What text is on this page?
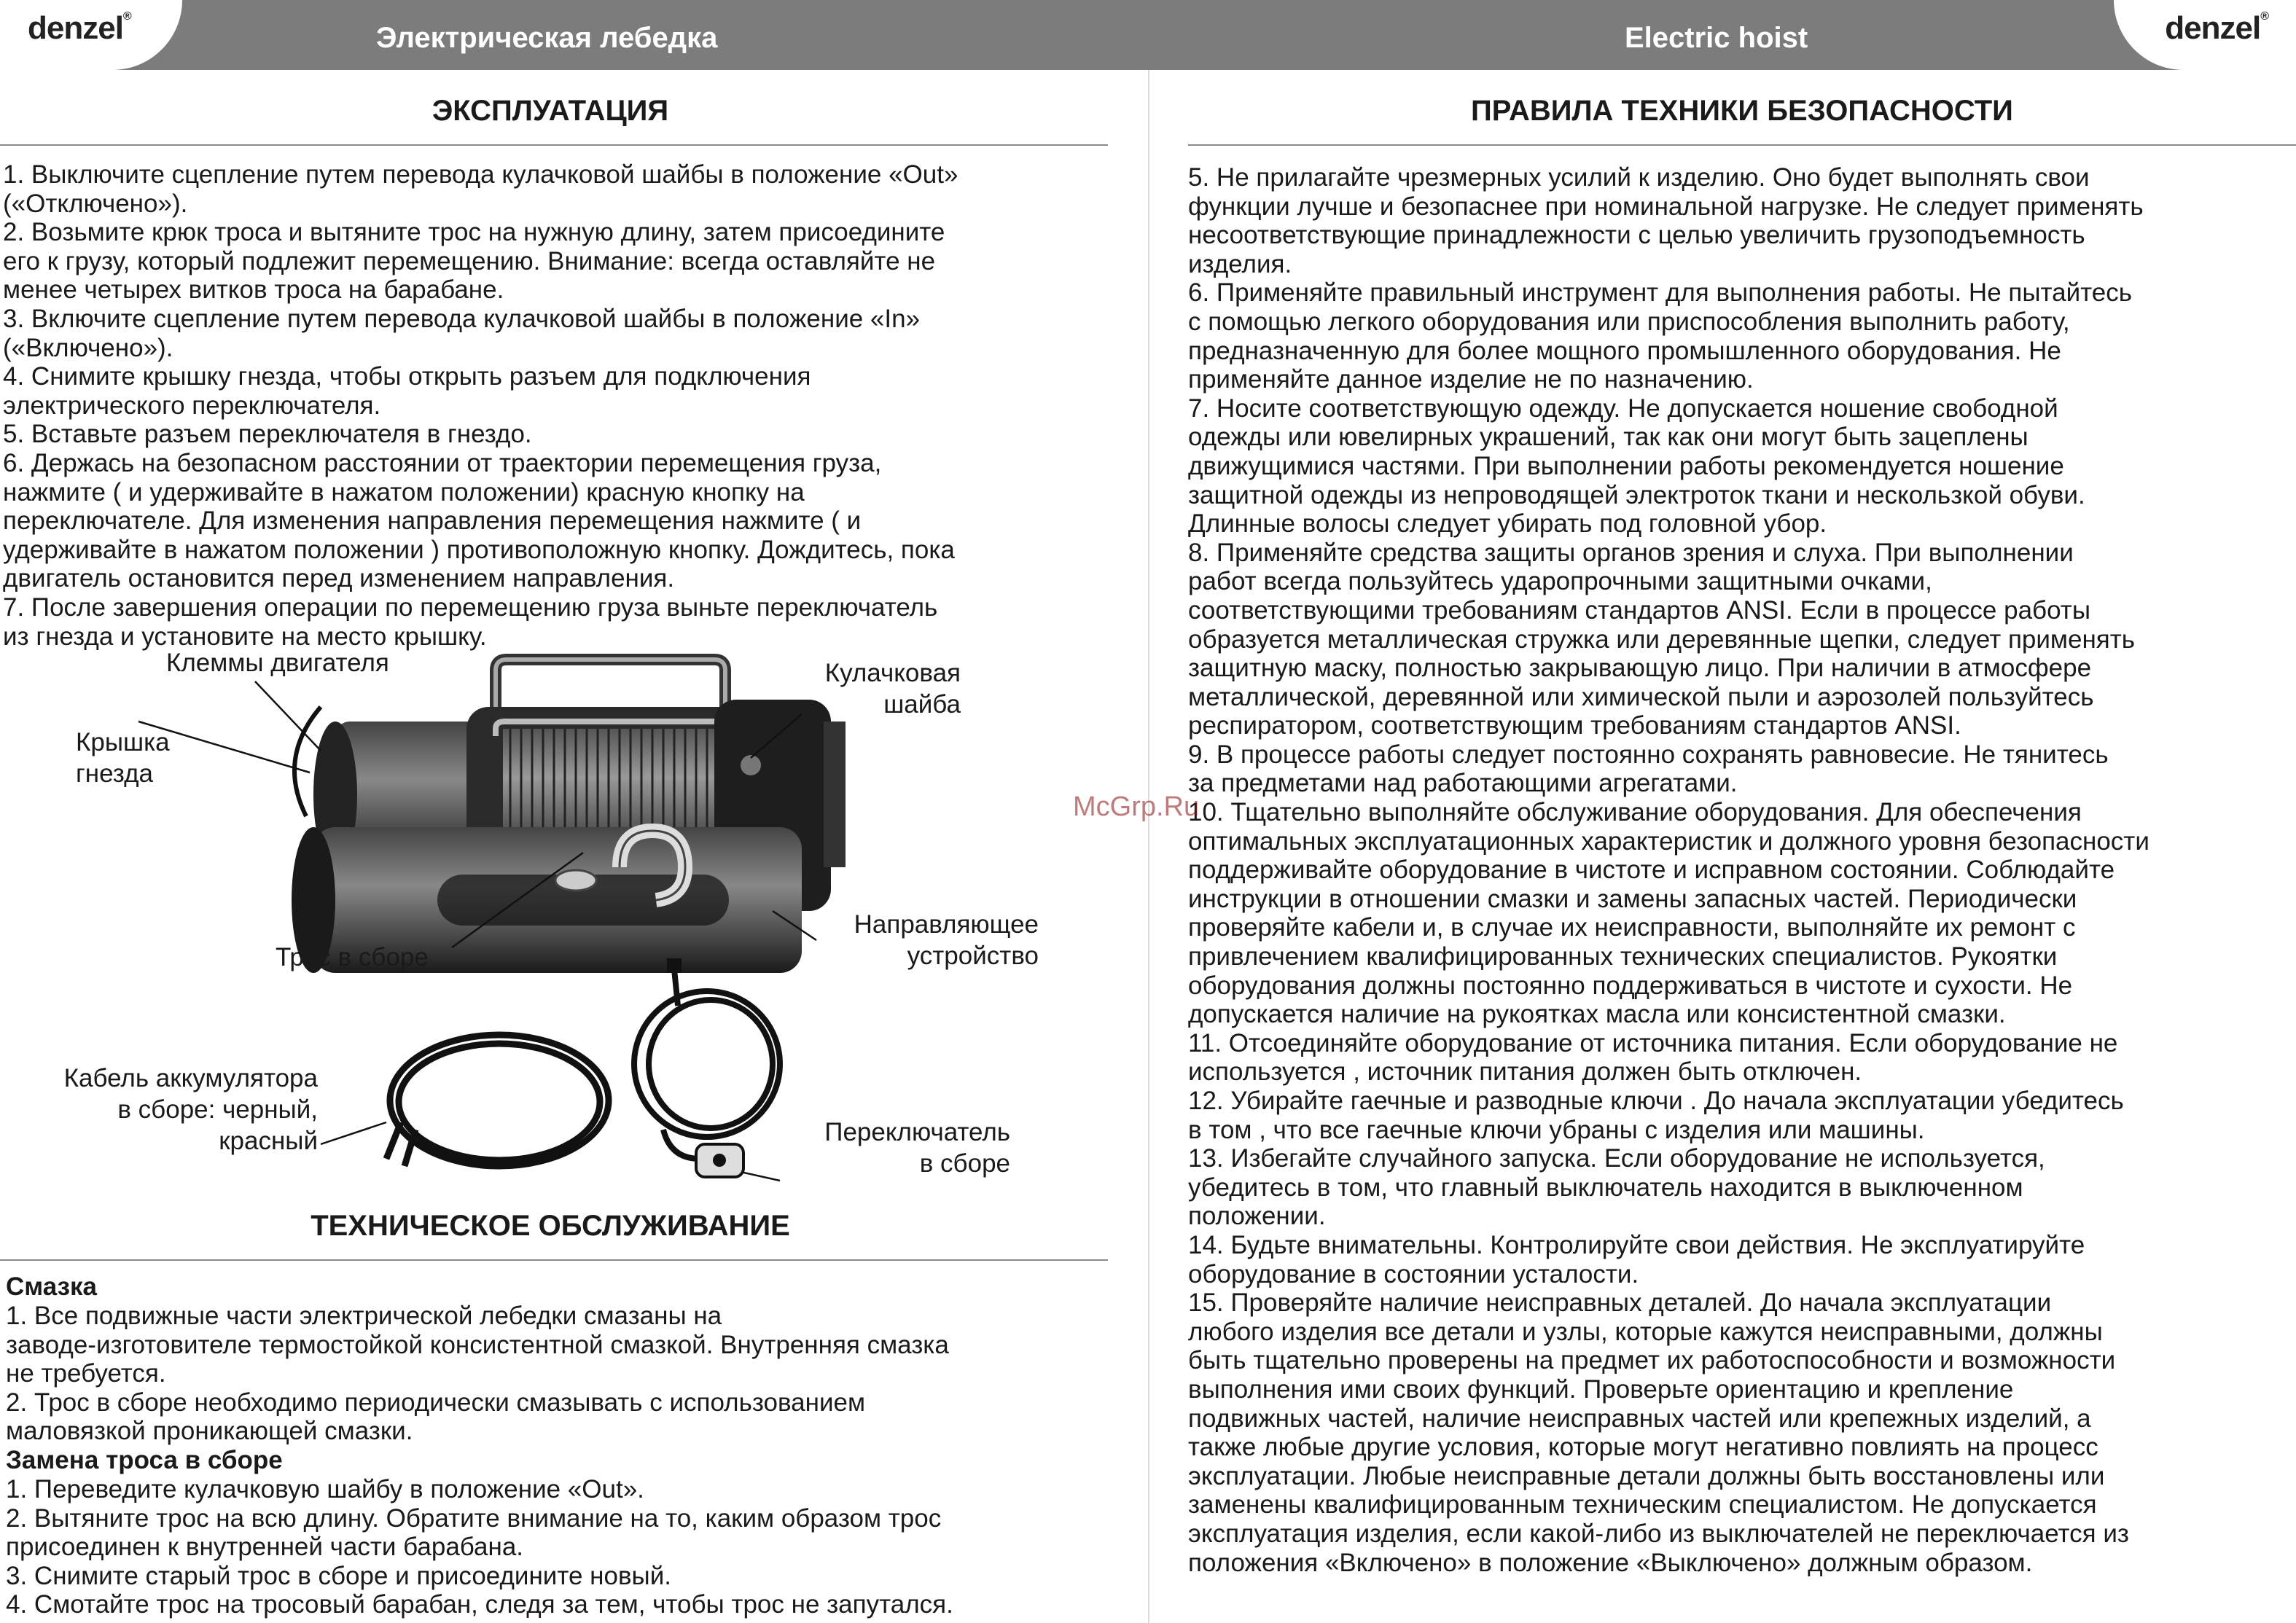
denzel®	denzel®
Электрическая лебедка	Electric hoist
ЭКСПЛУАТАЦИЯ

1. Выключите сцепление путем перевода кулачковой шайбы в положение «Out»
(«Отключено»).
2. Возьмите крюк троса и вытяните трос на нужную длину, затем присоедините
его к грузу, который подлежит перемещению. Внимание: всегда оставляйте не
менее четырех витков троса на барабане.
3. Включите сцепление путем перевода кулачковой шайбы в положение «In»
(«Включено»).
4. Снимите крышку гнезда, чтобы открыть разъем для подключения
электрического переключателя.
5. Вставьте разъем переключателя в гнездо.
6. Держась на безопасном расстоянии от траектории перемещения груза,
нажмите ( и удерживайте в нажатом положении) красную кнопку на
переключателе. Для изменения направления перемещения нажмите ( и
удерживайте в нажатом положении ) противоположную кнопку. Дождитесь, пока
двигатель остановится перед изменением направления.
7. После завершения операции по перемещению груза выньте переключатель
из гнезда и установите на место крышку.

Клеммы двигателя
Крышка
гнезда
Кулачковая
шайба
Трос в сборе
Направляющее
устройство
Кабель аккумулятора
в сборе: черный,
красный	Переключатель
в сборе
ТЕХНИЧЕСКОЕ ОБСЛУЖИВАНИЕ

Смазка

1. Все подвижные части электрической лебедки смазаны на
заводе-изготовителе термостойкой консистентной смазкой. Внутренняя смазка
не требуется.
2. Трос в сборе необходимо периодически смазывать с использованием
маловязкой проникающей смазки.

Замена троса в сборе

1. Переведите кулачковую шайбу в положение «Out».
2. Вытяните трос на всю длину. Обратите внимание на то, каким образом трос
присоединен к внутренней части барабана.
3. Снимите старый трос в сборе и присоедините новый.
4. Смотайте трос на тросовый барабан, следя за тем, чтобы трос не запутался.

ПРАВИЛА ТЕХНИКИ БЕЗОПАСНОСТИ

5. Не прилагайте чрезмерных усилий к изделию. Оно будет выполнять свои
функции лучше и безопаснее при номинальной нагрузке. Не следует применять
несоответствующие принадлежности с целью увеличить грузоподъемность
изделия.
6. Применяйте правильный инструмент для выполнения работы. Не пытайтесь
с помощью легкого оборудования или приспособления выполнить работу,
предназначенную для более мощного промышленного оборудования. Не
применяйте данное изделие не по назначению.
7. Носите соответствующую одежду. Не допускается ношение свободной
одежды или ювелирных украшений, так как они могут быть зацеплены
движущимися частями. При выполнении работы рекомендуется ношение
защитной одежды из непроводящей электроток ткани и нескользкой обуви.
Длинные волосы следует убирать под головной убор.
8. Применяйте средства защиты органов зрения и слуха. При выполнении
работ всегда пользуйтесь ударопрочными защитными очками,
соответствующими требованиям стандартов ANSI. Если в процессе работы
образуется металлическая стружка или деревянные щепки, следует применять
защитную маску, полностью закрывающую лицо. При наличии в атмосфере
металлической, деревянной или химической пыли и аэрозолей пользуйтесь
респиратором, соответствующим требованиям стандартов ANSI.
9. В процессе работы следует постоянно сохранять равновесие. Не тянитесь
за предметами над работающими агрегатами.
10. Тщательно выполняйте обслуживание оборудования. Для обеспечения
оптимальных эксплуатационных характеристик и должного уровня безопасности
поддерживайте оборудование в чистоте и исправном состоянии. Соблюдайте
инструкции в отношении смазки и замены запасных частей. Периодически
проверяйте кабели и, в случае их неисправности, выполняйте их ремонт с
привлечением квалифицированных технических специалистов. Рукоятки
оборудования должны постоянно поддерживаться в чистоте и сухости. Не
допускается наличие на рукоятках масла или консистентной смазки.
11. Отсоединяйте оборудование от источника питания. Если оборудование не
используется , источник питания должен быть отключен.
12. Убирайте гаечные и разводные ключи . До начала эксплуатации убедитесь
в том , что все гаечные ключи убраны с изделия или машины.
13. Избегайте случайного запуска. Если оборудование не используется,
убедитесь в том, что главный выключатель находится в выключенном
положении.
14. Будьте внимательны. Контролируйте свои действия. Не эксплуатируйте
оборудование в состоянии усталости.
15. Проверяйте наличие неисправных деталей. До начала эксплуатации
любого изделия все детали и узлы, которые кажутся неисправными, должны
быть тщательно проверены на предмет их работоспособности и возможности
выполнения ими своих функций. Проверьте ориентацию и крепление
подвижных частей, наличие неисправных частей или крепежных изделий, а
также любые другие условия, которые могут негативно повлиять на процесс
эксплуатации. Любые неисправные детали должны быть восстановлены или
заменены квалифицированным техническим специалистом. Не допускается
эксплуатация изделия, если какой-либо из выключателей не переключается из
положения «Включено» в положение «Выключено» должным образом.

McGrp.Ru
